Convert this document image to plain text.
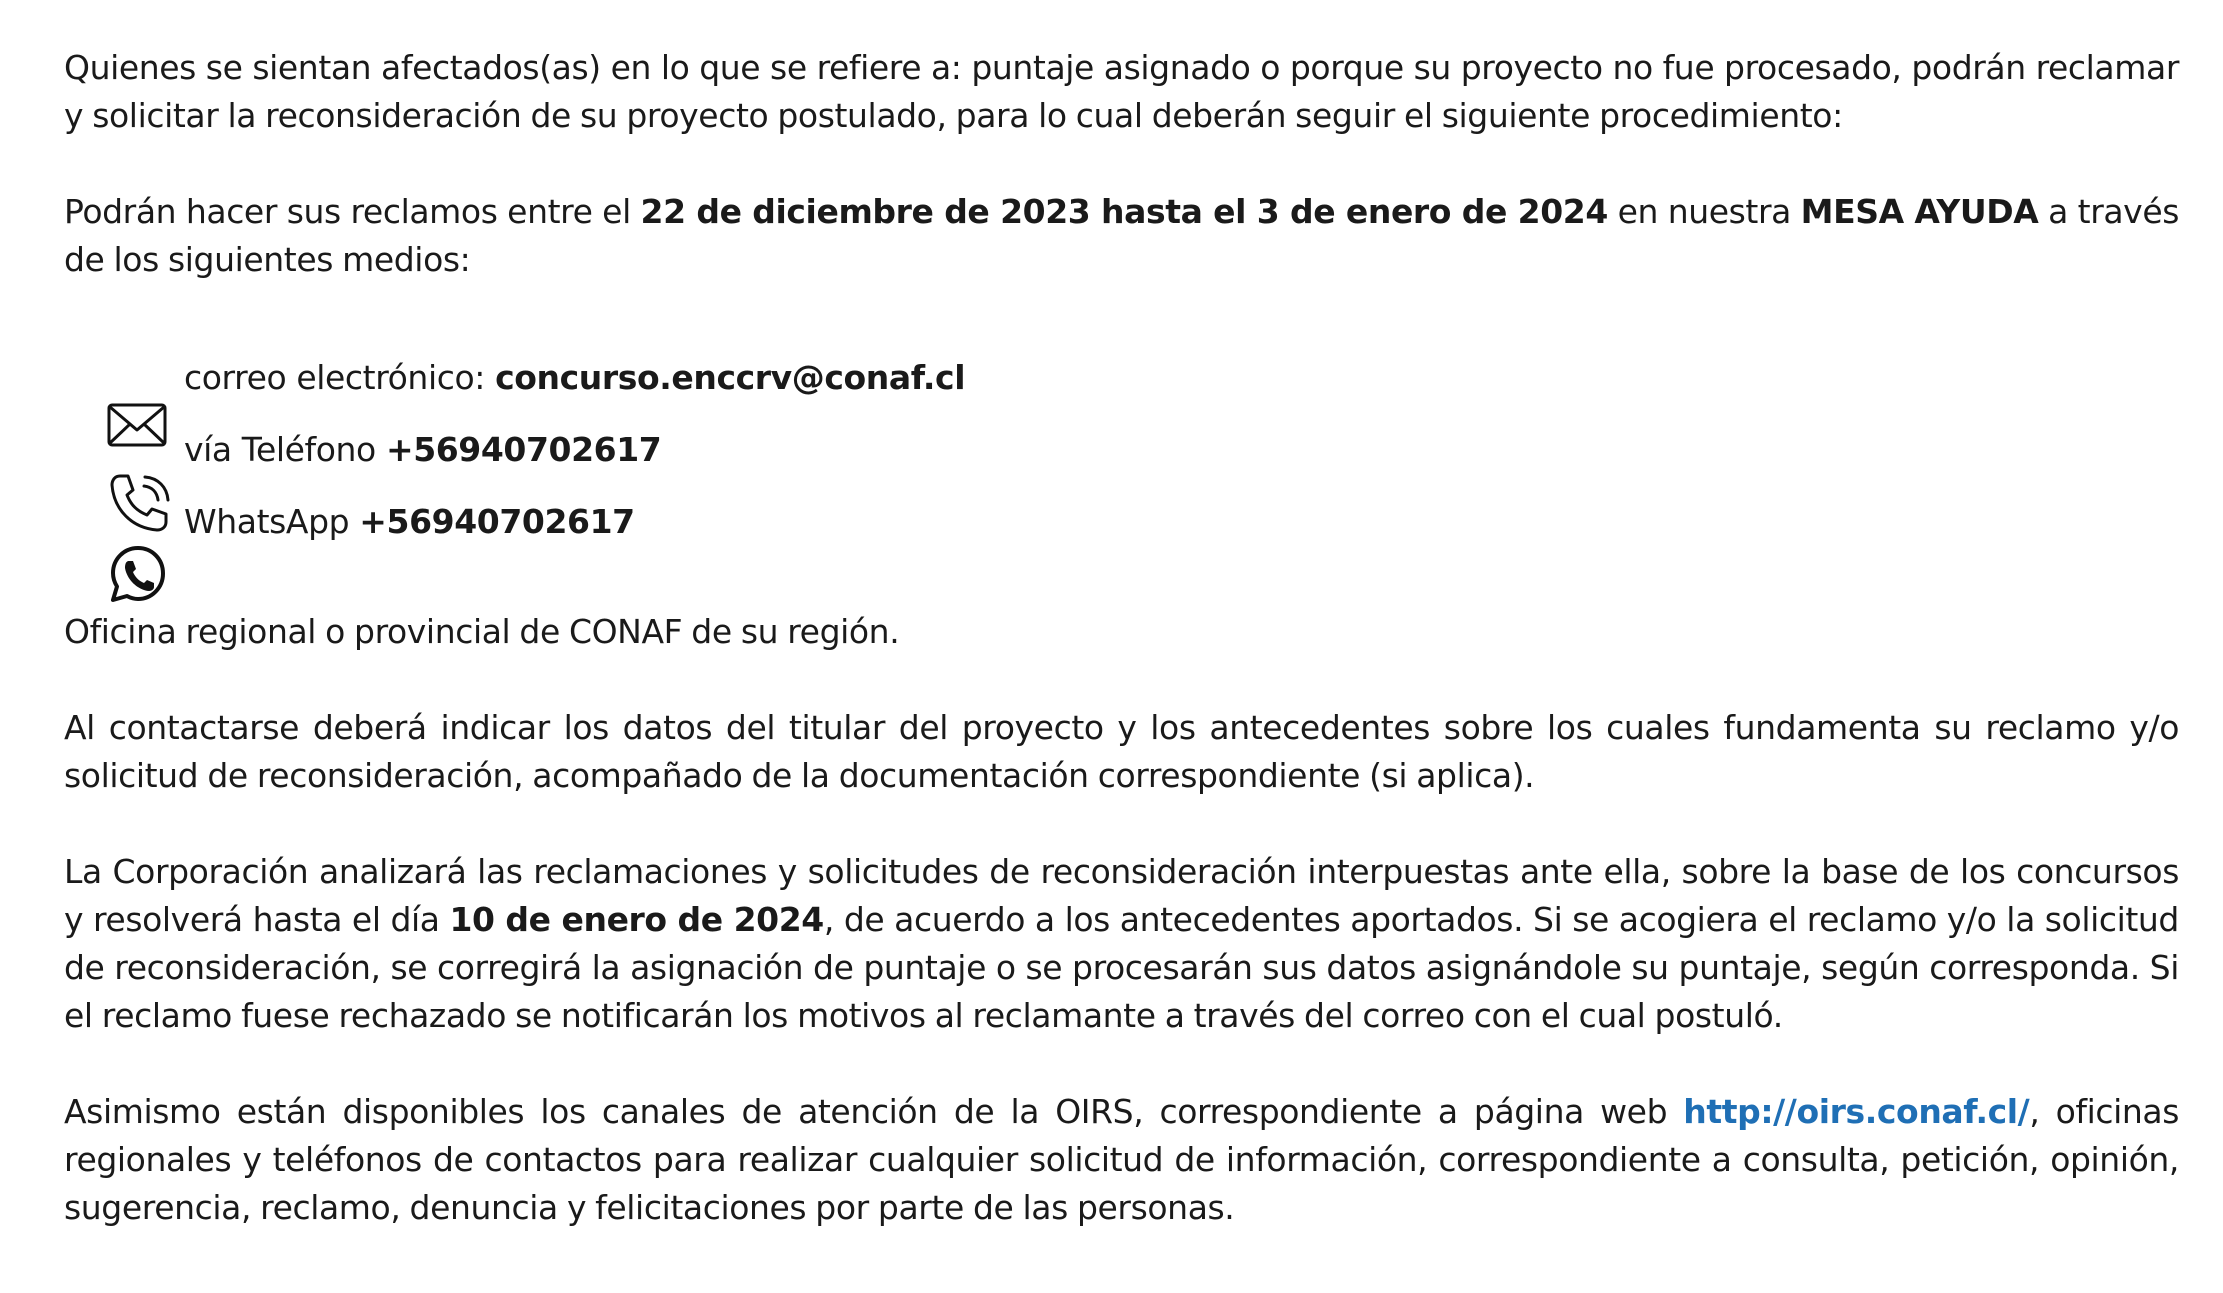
Quienes se sientan afectados(as) en lo que se refiere a: puntaje asignado o porque su proyecto no fue procesado, podrán reclamar y solicitar la reconsideración de su proyecto postulado, para lo cual deberán seguir el siguiente procedimiento:

Podrán hacer sus reclamos entre el 22 de diciembre de 2023 hasta el 3 de enero de 2024 en nuestra MESA AYUDA a través de los siguientes medios:

correo electrónico: concurso.enccrv@conaf.cl
vía Teléfono +56940702617
WhatsApp +56940702617

Oficina regional o provincial de CONAF de su región.

Al contactarse deberá indicar los datos del titular del proyecto y los antecedentes sobre los cuales fundamenta su reclamo y/o solicitud de reconsideración, acompañado de la documentación correspondiente (si aplica).

La Corporación analizará las reclamaciones y solicitudes de reconsideración interpuestas ante ella, sobre la base de los concursos y resolverá hasta el día 10 de enero de 2024, de acuerdo a los antecedentes aportados. Si se acogiera el reclamo y/o la solicitud de reconsideración, se corregirá la asignación de puntaje o se procesarán sus datos asignándole su puntaje, según corresponda. Si el reclamo fuese rechazado se notificarán los motivos al reclamante a través del correo con el cual postuló.

Asimismo están disponibles los canales de atención de la OIRS, correspondiente a página web http://oirs.conaf.cl/, oficinas regionales y teléfonos de contactos para realizar cualquier solicitud de información, correspondiente a consulta, petición, opinión, sugerencia, reclamo, denuncia y felicitaciones por parte de las personas.
